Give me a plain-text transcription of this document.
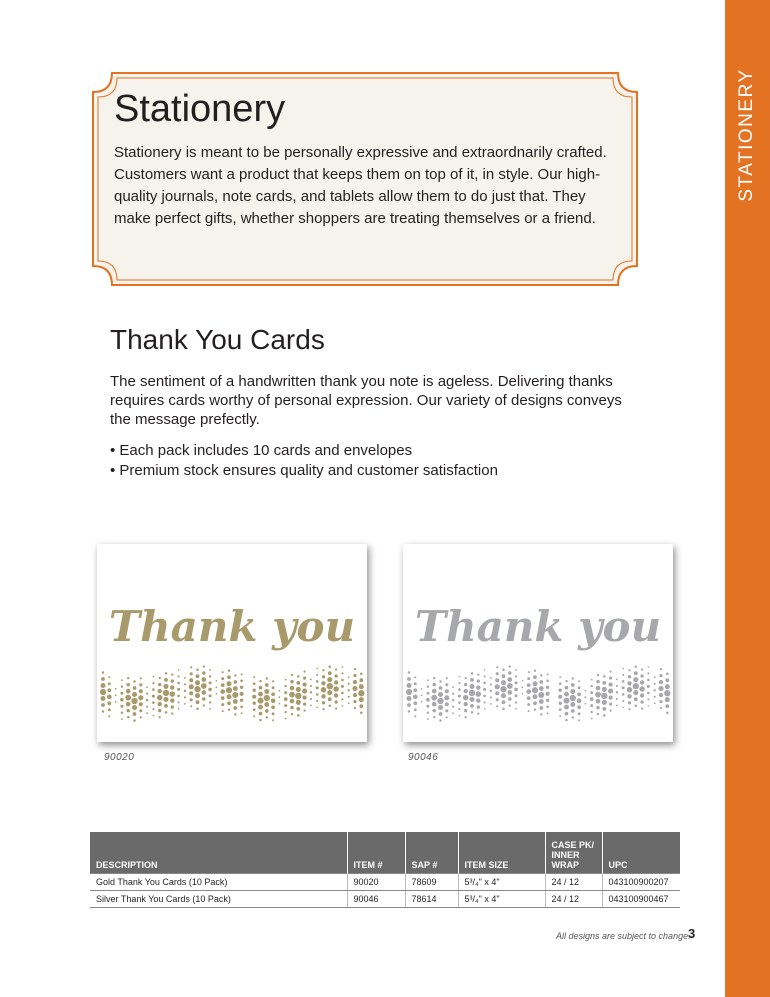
STATIONERY
Stationery

Stationery is meant to be personally expressive and extraordnarily crafted. Customers want a product that keeps them on top of it, in style. Our high-quality journals, note cards, and tablets allow them to do just that. They make perfect gifts, whether shoppers are treating themselves or a friend.

Thank You Cards

The sentiment of a handwritten thank you note is ageless. Delivering thanks requires cards worthy of personal expression. Our variety of designs conveys the message prefectly.

• Each pack includes 10 cards and envelopes
• Premium stock ensures quality and customer satisfaction
Thank you
90020
Thank you
90046
DESCRIPTION	ITEM #	SAP #	ITEM SIZE	CASE PK/ INNER WRAP	UPC
Gold Thank You Cards (10 Pack)	90020	78609	5³/₄" x 4"	24 / 12	043100900207
Silver Thank You Cards (10 Pack)	90046	78614	5³/₄" x 4"	24 / 12	043100900467
All designs are subject to change.
3
